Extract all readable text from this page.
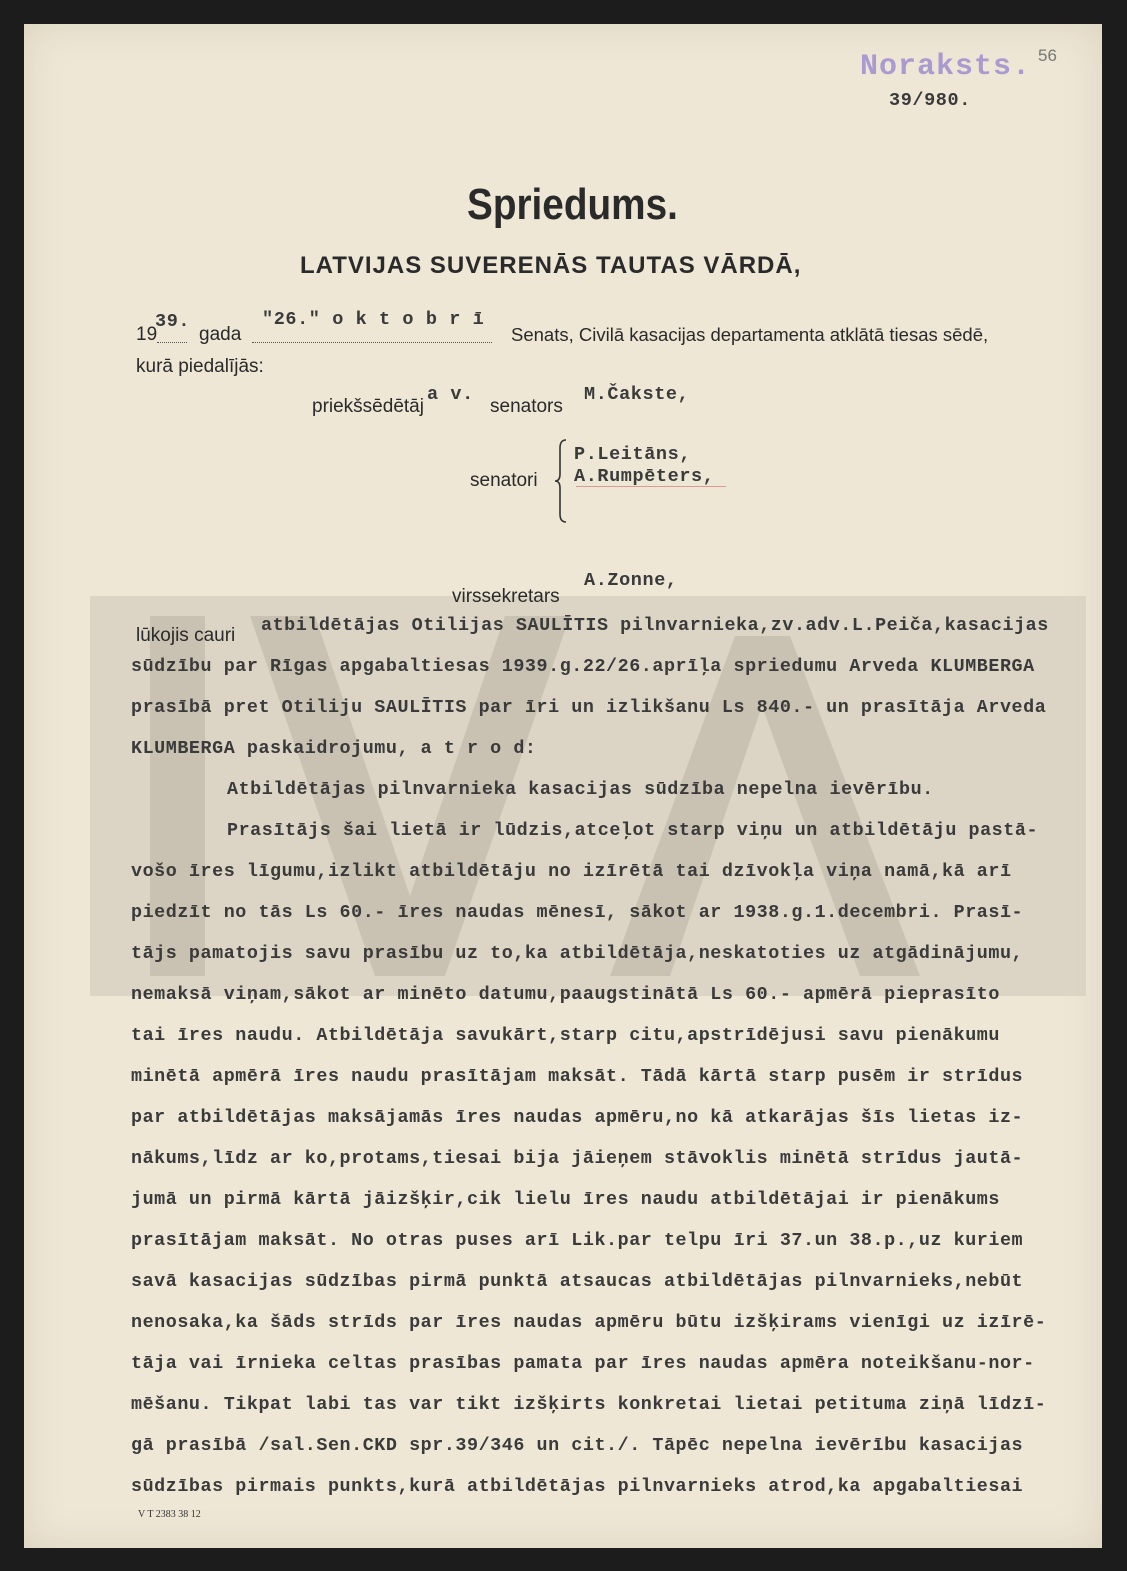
Noraksts. 56
39/980.
Spriedums.
LATVIJAS SUVERENĀS TAUTAS VĀRDĀ,
19
39.
gada
"26." o k t o b r ī
Senats, Civilā kasacijas departamenta atklātā tiesas sēdē,
kurā piedalījās:
priekšsēdētāj
a v.
senators
M.Čakste,
senatori
P.Leitāns,
A.Rumpēters,
virssekretars
A.Zonne,
lūkojis cauri atbildētājas Otilijas SAULĪTIS pilnvarnieka,zv.adv.L.Peiča,kasacijas
sūdzību par Rīgas apgabaltiesas 1939.g.22/26.aprīļa spriedumu Arveda KLUMBERGA
prasībā pret Otiliju SAULĪTIS par īri un izlikšanu Ls 840.- un prasītāja Arveda
KLUMBERGA paskaidrojumu, a t r o d:
Atbildētājas pilnvarnieka kasacijas sūdzība nepelna ievērību.
Prasītājs šai lietā ir lūdzis,atceļot starp viņu un atbildētāju pastā-
vošo īres līgumu,izlikt atbildētāju no izīrētā tai dzīvokļa viņa namā,kā arī
piedzīt no tās Ls 60.- īres naudas mēnesī, sākot ar 1938.g.1.decembri. Prasī-
tājs pamatojis savu prasību uz to,ka atbildētāja,neskatoties uz atgādinājumu,
nemaksā viņam,sākot ar minēto datumu,paaugstinātā Ls 60.- apmērā pieprasīto
tai īres naudu. Atbildētāja savukārt,starp citu,apstrīdējusi savu pienākumu
minētā apmērā īres naudu prasītājam maksāt. Tādā kārtā starp pusēm ir strīdus
par atbildētājas maksājamās īres naudas apmēru,no kā atkarājas šīs lietas iz-
nākums,līdz ar ko,protams,tiesai bija jāieņem stāvoklis minētā strīdus jautā-
jumā un pirmā kārtā jāizšķir,cik lielu īres naudu atbildētājai ir pienākums
prasītājam maksāt. No otras puses arī Lik.par telpu īri 37.un 38.p.,uz kuriem
savā kasacijas sūdzības pirmā punktā atsaucas atbildētājas pilnvarnieks,nebūt
nenosaka,ka šāds strīds par īres naudas apmēru būtu izšķirams vienīgi uz izīrē-
tāja vai īrnieka celtas prasības pamata par īres naudas apmēra noteikšanu-nor-
mēšanu. Tikpat labi tas var tikt izšķirts konkretai lietai petituma ziņā līdzī-
gā prasībā /sal.Sen.CKD spr.39/346 un cit./. Tāpēc nepelna ievērību kasacijas
sūdzības pirmais punkts,kurā atbildētājas pilnvarnieks atrod,ka apgabaltiesai
V T 2383 38 12
